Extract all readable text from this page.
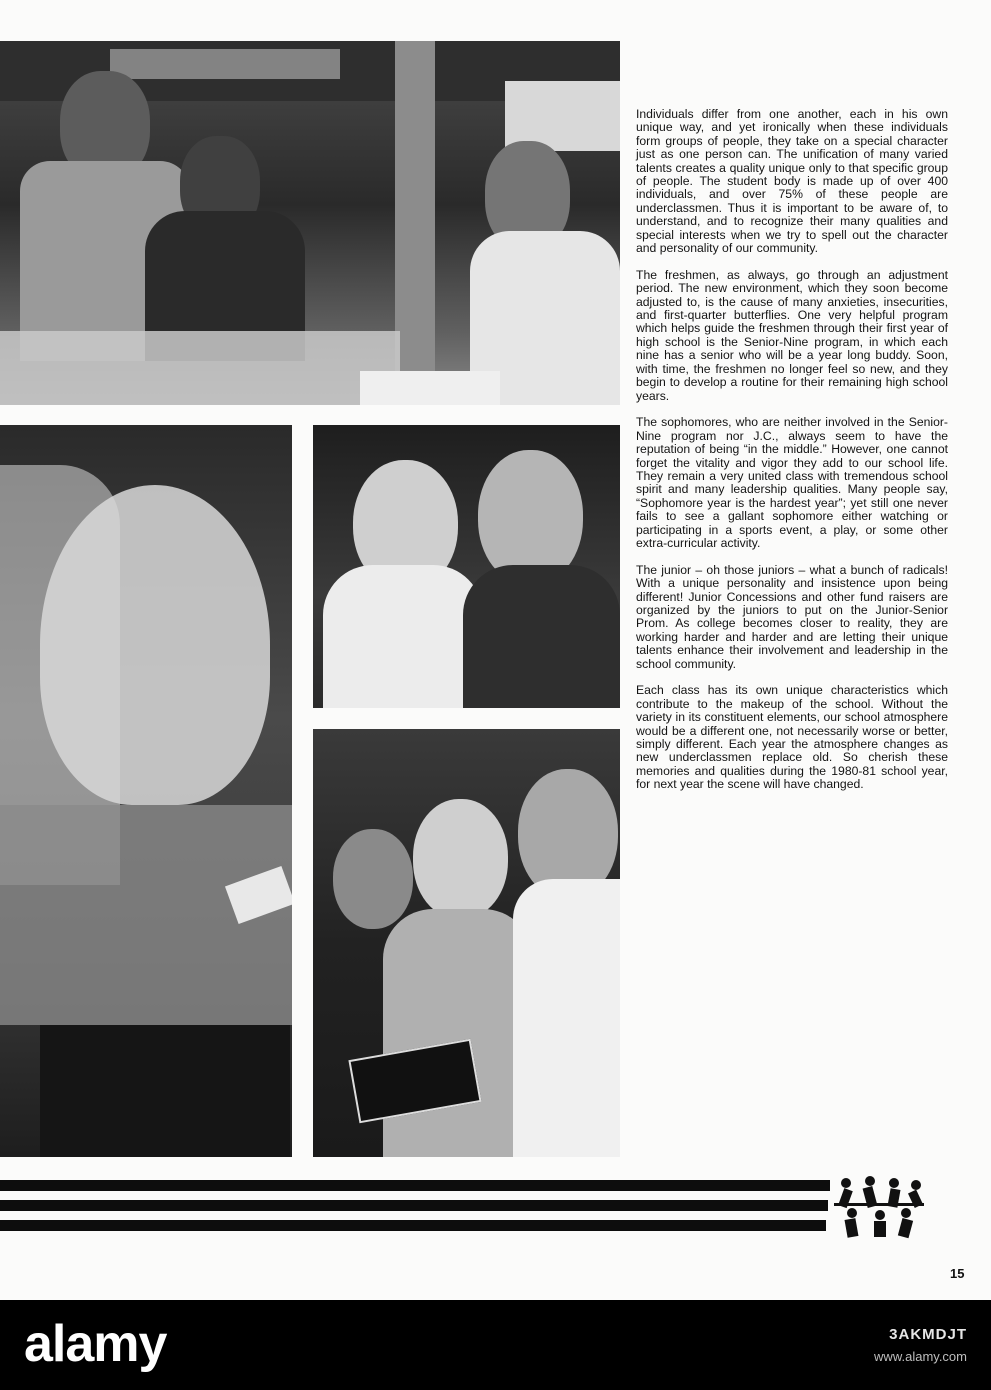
Individuals differ from one another, each in his own unique way, and yet ironically when these individuals form groups of people, they take on a special character just as one person can. The unification of many varied talents creates a quality unique only to that specific group of people. The student body is made up of over 400 individuals, and over 75% of these people are underclassmen. Thus it is important to be aware of, to understand, and to recognize their many qualities and special interests when we try to spell out the character and personality of our community.

The freshmen, as always, go through an adjustment period. The new environment, which they soon become adjusted to, is the cause of many anxieties, insecurities, and first-quarter butterflies. One very helpful program which helps guide the freshmen through their first year of high school is the Senior-Nine program, in which each nine has a senior who will be a year long buddy. Soon, with time, the freshmen no longer feel so new, and they begin to develop a routine for their remaining high school years.

The sophomores, who are neither involved in the Senior-Nine program nor J.C., always seem to have the reputation of being “in the middle.” However, one cannot forget the vitality and vigor they add to our school life. They remain a very united class with tremendous school spirit and many leadership qualities. Many people say, “Sophomore year is the hardest year”; yet still one never fails to see a gallant sophomore either watching or participating in a sports event, a play, or some other extra-curricular activity.

The junior – oh those juniors – what a bunch of radicals! With a unique personality and insistence upon being different! Junior Concessions and other fund raisers are organized by the juniors to put on the Junior-Senior Prom. As college becomes closer to reality, they are working harder and harder and are letting their unique talents enhance their involvement and leadership in the school community.

Each class has its own unique characteristics which contribute to the makeup of the school. Without the variety in its constituent elements, our school atmosphere would be a different one, not necessarily worse or better, simply different. Each year the atmosphere changes as new underclassmen replace old. So cherish these memories and qualities during the 1980-81 school year, for next year the scene will have changed.

15
alamy	3AKMDJT
www.alamy.com
